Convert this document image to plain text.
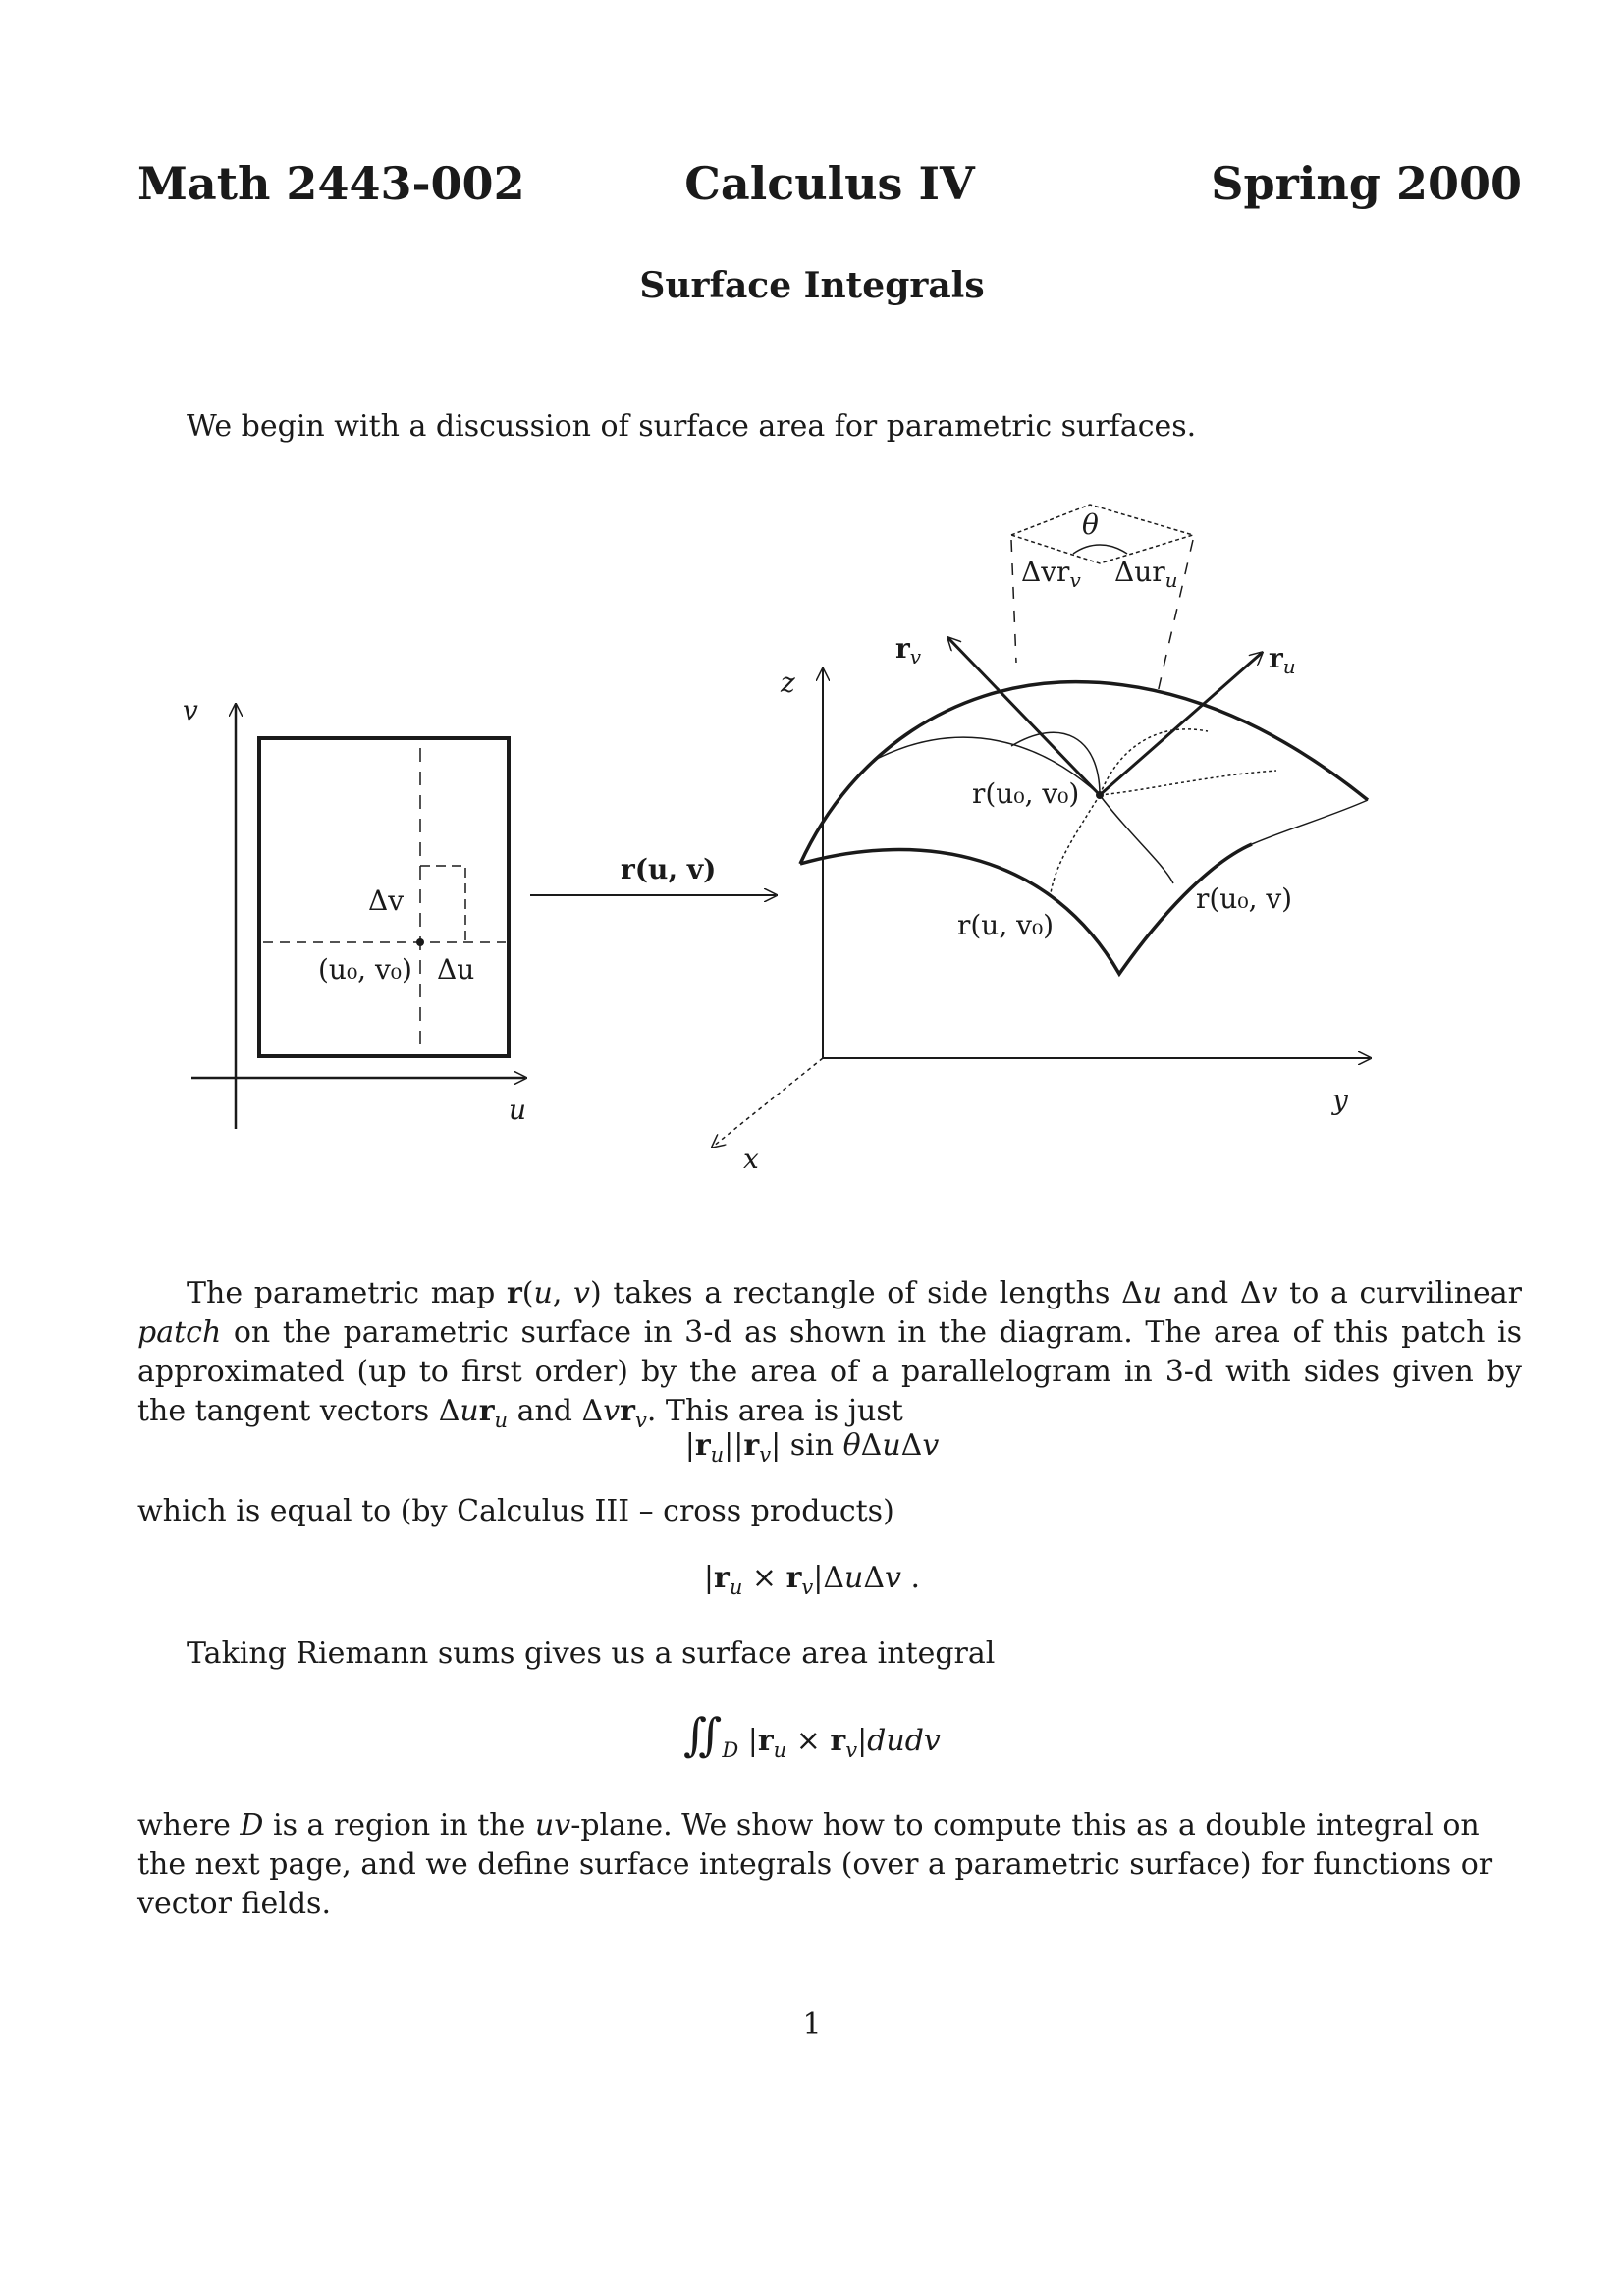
Math 2443-002	Calculus IV	Spring 2000
Surface Integrals
We begin with a discussion of surface area for parametric surfaces.
v
u
Δv
Δu
(u₀, v₀)
r(u, v)
z
y
x
θ
Δvr$_v$ Δur$_u$
$r_v$	$r_u$
r(u₀, v₀)
r(u, v₀)
r(u₀, v)
The parametric map r(u, v) takes a rectangle of side lengths Δu and Δv to a curvilinear patch on the parametric surface in 3-d as shown in the diagram. The area of this patch is approximated (up to first order) by the area of a parallelogram in 3-d with sides given by the tangent vectors Δur$_u$ and Δvr$_v$. This area is just
$|r_u||r_v|$ sin θΔuΔv
which is equal to (by Calculus III – cross products)
$|r_u \times r_v|\Delta u\Delta v$ .
Taking Riemann sums gives us a surface area integral
$∬_D$ $|r_u$ × $r_v|dudv$
where D is a region in the uv-plane. We show how to compute this as a double integral on the next page, and we define surface integrals (over a parametric surface) for functions or vector fields.
1
